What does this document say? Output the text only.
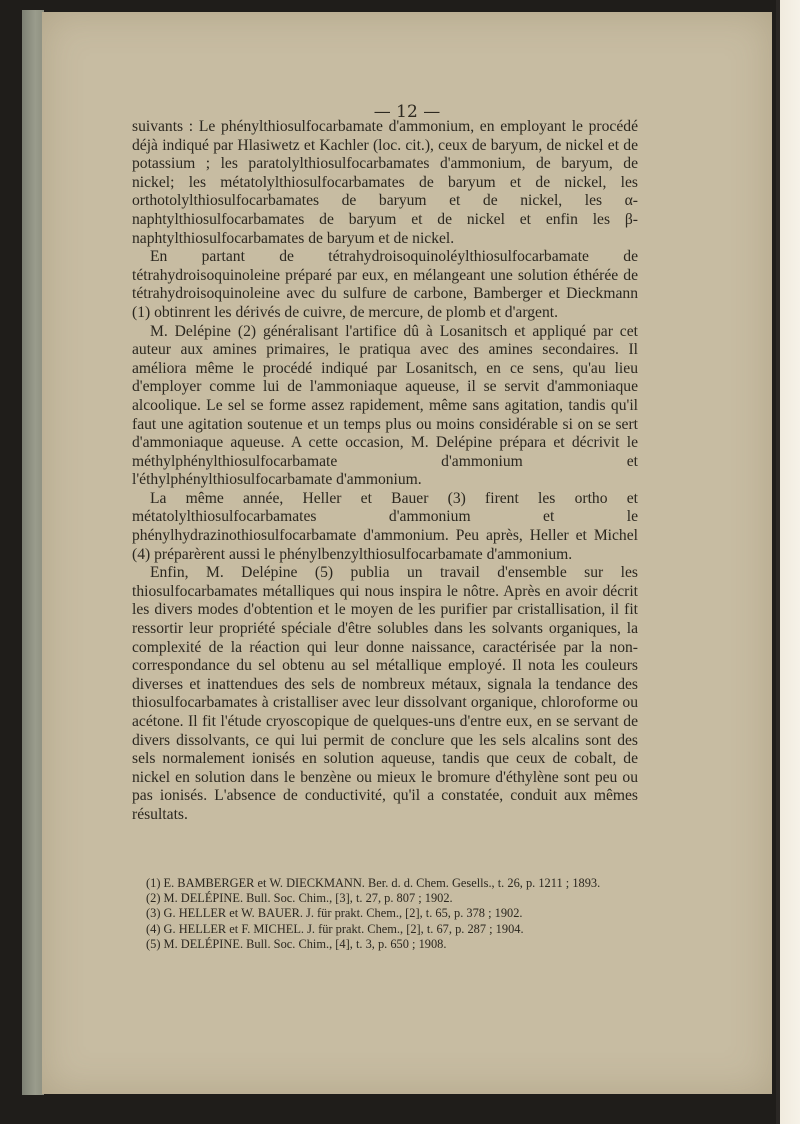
— 12 —

suivants : Le phénylthiosulfocarbamate d'ammonium, en employant le procédé déjà indiqué par Hlasiwetz et Kachler (loc. cit.), ceux de baryum, de nickel et de potassium ; les paratolylthiosulfocarbamates d'ammonium, de baryum, de nickel; les métatolylthiosulfocarbamates de baryum et de nickel, les orthotolylthiosulfocarbamates de baryum et de nickel, les α-naphtylthiosulfocarbamates de baryum et de nickel et enfin les β-naphtylthiosulfocarbamates de baryum et de nickel.

En partant de tétrahydroisoquinoléylthiosulfocarbamate de tétrahydroisoquinoleine préparé par eux, en mélangeant une solution éthérée de tétrahydroisoquinoleine avec du sulfure de carbone, Bamberger et Dieckmann (1) obtinrent les dérivés de cuivre, de mercure, de plomb et d'argent.

M. Delépine (2) généralisant l'artifice dû à Losanitsch et appliqué par cet auteur aux amines primaires, le pratiqua avec des amines secondaires. Il améliora même le procédé indiqué par Losanitsch, en ce sens, qu'au lieu d'employer comme lui de l'ammoniaque aqueuse, il se servit d'ammoniaque alcoolique. Le sel se forme assez rapidement, même sans agitation, tandis qu'il faut une agitation soutenue et un temps plus ou moins considérable si on se sert d'ammoniaque aqueuse. A cette occasion, M. Delépine prépara et décrivit le méthylphénylthiosulfocarbamate d'ammonium et l'éthylphénylthiosulfocarbamate d'ammonium.

La même année, Heller et Bauer (3) firent les ortho et métatolylthiosulfocarbamates d'ammonium et le phénylhydrazinothiosulfocarbamate d'ammonium. Peu après, Heller et Michel (4) préparèrent aussi le phénylbenzylthiosulfocarbamate d'ammonium.

Enfin, M. Delépine (5) publia un travail d'ensemble sur les thiosulfocarbamates métalliques qui nous inspira le nôtre. Après en avoir décrit les divers modes d'obtention et le moyen de les purifier par cristallisation, il fit ressortir leur propriété spéciale d'être solubles dans les solvants organiques, la complexité de la réaction qui leur donne naissance, caractérisée par la non-correspondance du sel obtenu au sel métallique employé. Il nota les couleurs diverses et inattendues des sels de nombreux métaux, signala la tendance des thiosulfocarbamates à cristalliser avec leur dissolvant organique, chloroforme ou acétone. Il fit l'étude cryoscopique de quelques-uns d'entre eux, en se servant de divers dissolvants, ce qui lui permit de conclure que les sels alcalins sont des sels normalement ionisés en solution aqueuse, tandis que ceux de cobalt, de nickel en solution dans le benzène ou mieux le bromure d'éthylène sont peu ou pas ionisés. L'absence de conductivité, qu'il a constatée, conduit aux mêmes résultats.

(1) E. BAMBERGER et W. DIECKMANN. Ber. d. d. Chem. Gesells., t. 26, p. 1211 ; 1893.
(2) M. DELÉPINE. Bull. Soc. Chim., [3], t. 27, p. 807 ; 1902.
(3) G. HELLER et W. BAUER. J. für prakt. Chem., [2], t. 65, p. 378 ; 1902.
(4) G. HELLER et F. MICHEL. J. für prakt. Chem., [2], t. 67, p. 287 ; 1904.
(5) M. DELÉPINE. Bull. Soc. Chim., [4], t. 3, p. 650 ; 1908.
